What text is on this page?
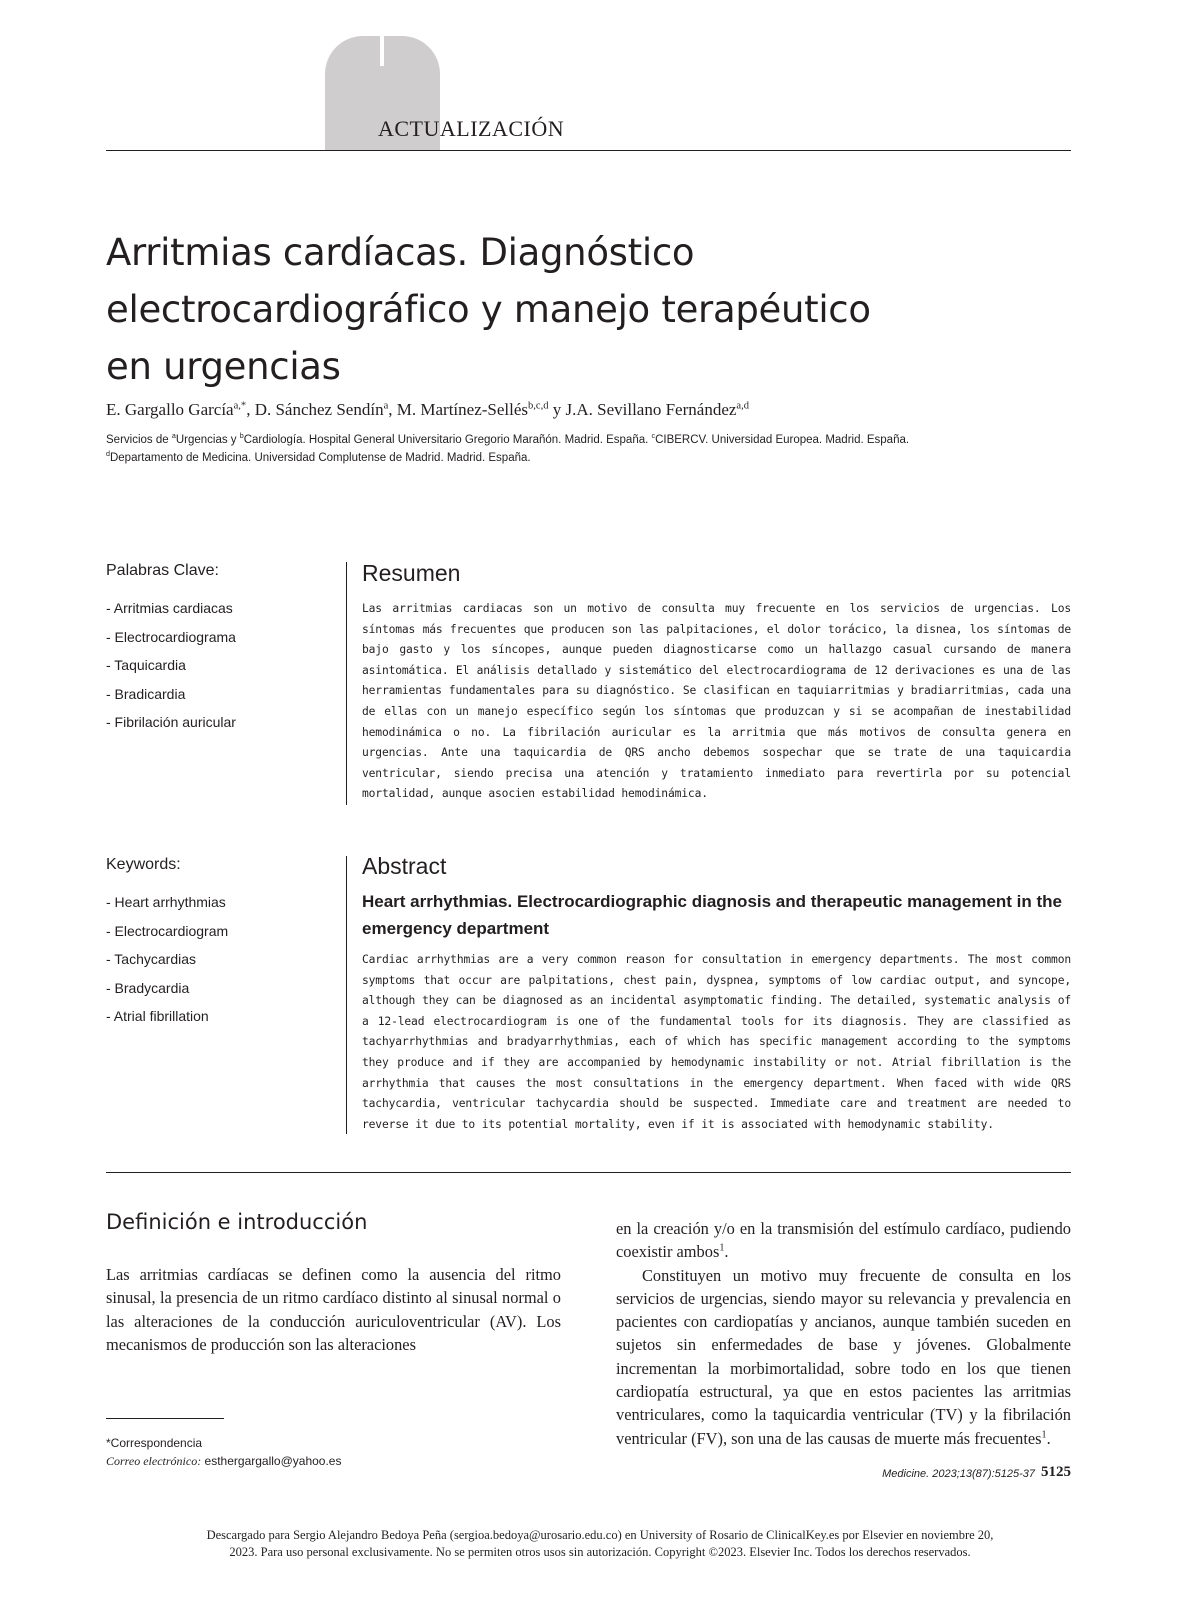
ACTUALIZACIÓN
Arritmias cardíacas. Diagnóstico
electrocardiográfico y manejo terapéutico
en urgencias

E. Gargallo García$^{a,*}$, D. Sánchez Sendín$^a$, M. Martínez-Sellés$^{b,c,d}$ y J.A. Sevillano Fernández$^{a,d}$

Servicios de $^a$Urgencias y $^b$Cardiología. Hospital General Universitario Gregorio Marañón. Madrid. España. $^c$CIBERCV. Universidad Europea. Madrid. España.
$^d$Departamento de Medicina. Universidad Complutense de Madrid. Madrid. España.

Palabras Clave:
- Arritmias cardiacas
- Electrocardiograma
- Taquicardia
- Bradicardia
- Fibrilación auricular
Resumen

Las arritmias cardiacas son un motivo de consulta muy frecuente en los servicios de urgencias. Los síntomas más frecuentes que producen son las palpitaciones, el dolor torácico, la disnea, los síntomas de bajo gasto y los síncopes, aunque pueden diagnosticarse como un hallazgo casual cursando de manera asintomática. El análisis detallado y sistemático del electrocardiograma de 12 derivaciones es una de las herramientas fundamentales para su diagnóstico. Se clasifican en taquiarritmias y bradiarritmias, cada una de ellas con un manejo específico según los síntomas que produzcan y si se acompañan de inestabilidad hemodinámica o no. La fibrilación auricular es la arritmia que más motivos de consulta genera en urgencias. Ante una taquicardia de QRS ancho debemos sospechar que se trate de una taquicardia ventricular, siendo precisa una atención y tratamiento inmediato para revertirla por su potencial mortalidad, aunque asocien estabilidad hemodinámica.

Keywords:
- Heart arrhythmias
- Electrocardiogram
- Tachycardias
- Bradycardia
- Atrial fibrillation
Abstract
Heart arrhythmias. Electrocardiographic diagnosis and therapeutic management in the emergency department

Cardiac arrhythmias are a very common reason for consultation in emergency departments. The most common symptoms that occur are palpitations, chest pain, dyspnea, symptoms of low cardiac output, and syncope, although they can be diagnosed as an incidental asymptomatic finding. The detailed, systematic analysis of a 12-lead electrocardiogram is one of the fundamental tools for its diagnosis. They are classified as tachyarrhythmias and bradyarrhythmias, each of which has specific management according to the symptoms they produce and if they are accompanied by hemodynamic instability or not. Atrial fibrillation is the arrhythmia that causes the most consultations in the emergency department. When faced with wide QRS tachycardia, ventricular tachycardia should be suspected. Immediate care and treatment are needed to reverse it due to its potential mortality, even if it is associated with hemodynamic stability.

Definición e introducción

Las arritmias cardíacas se definen como la ausencia del ritmo sinusal, la presencia de un ritmo cardíaco distinto al sinusal normal o las alteraciones de la conducción auriculoventricular (AV). Los mecanismos de producción son las alteraciones

en la creación y/o en la transmisión del estímulo cardíaco, pudiendo coexistir ambos$^1$.

Constituyen un motivo muy frecuente de consulta en los servicios de urgencias, siendo mayor su relevancia y prevalencia en pacientes con cardiopatías y ancianos, aunque también suceden en sujetos sin enfermedades de base y jóvenes. Globalmente incrementan la morbimortalidad, sobre todo en los que tienen cardiopatía estructural, ya que en estos pacientes las arritmias ventriculares, como la taquicardia ventricular (TV) y la fibrilación ventricular (FV), son una de las causas de muerte más frecuentes$^1$.

*Correspondencia
Correo electrónico: esthergargallo@yahoo.es

Medicine. 2023;13(87):5125-37 5125

Descargado para Sergio Alejandro Bedoya Peña (sergioa.bedoya@urosario.edu.co) en University of Rosario de ClinicalKey.es por Elsevier en noviembre 20,
2023. Para uso personal exclusivamente. No se permiten otros usos sin autorización. Copyright ©2023. Elsevier Inc. Todos los derechos reservados.
